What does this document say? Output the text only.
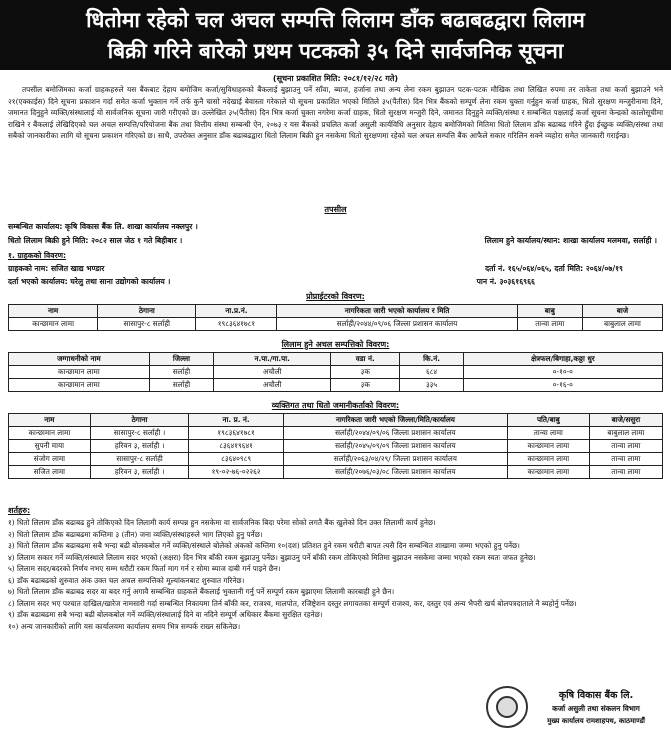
धितोमा रहेको चल अचल सम्पत्ति लिलाम डाँक बढाबढद्वारा लिलाम
बिक्री गरिने बारेको प्रथम पटकको ३५ दिने सार्वजनिक सूचना
(सूचना प्रकाशित मिति: २०८१/१२/२८ गते)

तपसील बमोजिमका कर्जा ग्राहकहरुले यस बैंकबाट देहाय बमोजिम कर्जा/सुविधाहरुको बैंकलाई बुझाउनु पर्ने साँवा, ब्याज, हर्जाना तथा अन्य लेना रकम बुझाउन पटक-पटक मौखिक तथा लिखित रुपमा तर ताकेता तथा कर्जा बुझाउने भने २१(एक्काईस) दिने सूचना प्रकाशन गर्दा समेत कर्जा भुक्तान गर्ने तर्फ कुनै चासो नदेखाई बेवास्ता गरेकाले यो सूचना प्रकाशित भएको मितिले ३५(पैंतीस) दिन भित्र बैंकको सम्पूर्ण लेना रकम चुक्ता गर्नुहुन कर्जा ग्राहक, धितो सुरक्षण मन्जुरीनामा दिने, जमानत दिनुहुने व्यक्ति/संस्थालाई यो सार्वजनिक सूचना जारी गरीएको छ। उल्लेखित ३५(पैंतीस) दिन भित्र कर्जा चुक्ता नगरेमा कर्जा ग्राहक, धितो सुरक्षण मन्जुरी दिने, जमानत दिनुहुने व्यक्ति/संस्था र सम्बन्धित पक्षलाई कर्जा सूचना केन्द्रको कालोसूचीमा राखिने र बैंकलाई लेखिदिएको चल अचल सम्पत्ति/परियोजना बैंक तथा वित्तीय संस्था सम्बन्धी ऐन, २०७३ र यस बैंकको प्रचलित कर्जा असुली कार्यविधि अनुसार देहाय बमोजिमको मितिमा धितो लिलाम डाँक बढाबढ गरिने हुँदा ईच्छुक व्यक्ति/संस्था तथा सबैको जानकारीका लागि यो सूचना प्रकाशन गरिएको छ। साथै, उपरोक्त अनुसार डाँक बढाबढद्वारा धितो लिलाम बिक्री हुन नसकेमा धितो सुरक्षणमा रहेको चल अचल सम्पत्ति बैंक आफैले सकार गरिलिन सक्ने व्यहोरा समेत जानकारी गराईन्छ।

तपसील
सम्बन्धित कार्यालय: कृषि विकास बैंक लि. शाखा कार्यालय नक्लपुर ।
धितो लिलाम बिक्री हुने मिति: २०८२ साल जेठ १ गते बिहीबार ।	लिलाम हुने कार्यालय/स्थान: शाखा कार्यालय मलमवा, सर्लाही ।
१. ग्राहकको विवरण:
ग्राहकको नाम: सजित खाद्य भण्डार	दर्ता नं. १६५/०६४/०६५, दर्ता मिति: २०६४/०७/१९
दर्ता भएको कार्यालय: घरेलु तथा साना उद्योगको कार्यालय ।	पान नं. ३०३६१६९६६
प्रोप्राईटरको विवरण:
नाम	ठेगाना	ना.प्र.नं.	नागरिकता जारी भएको कार्यालय र मिति	बाबु	बाजे
कान्छामान लामा	सासापुर-८ सर्लाही	१९८३६४१७८१	सर्लाही/२०४४/०९/०६ जिल्ला प्रशासन कार्यालय	तान्वा लामा	बाबुलाल लामा
लिलाम हुने अचल सम्पत्तिको विवरण:
जग्गाधनीको नाम	जिल्ला	न.पा./गा.पा.	वडा नं.	कि.नं.	क्षेत्रफल/बिगाहा,कठ्ठा धुर
कान्छामान लामा	सर्लाही	अचौली	३क	६८४	०-१०-०
कान्छामान लामा	सर्लाही	अचौली	३क	३३५	०-१६-०
व्यक्तिगत तथा धितो जमानीकर्ताको विवरण:
नाम	ठेगाना	ना. प्र. नं.	नागरिकता जारी भएको जिल्ला/मिति/कार्यालय	पति/बाबु	बाजे/ससुरा
कान्छामान लामा	सासापुर-८ सर्लाही ।	१९८३६४१७८१	सर्लाही/२०४४/०९/०६ जिल्ला प्रशासन कार्यालय	तान्वा लामा	बाबुलाल लामा
सुपनी माया	हरिवन ३, सर्लाही ।	८३६४१९६४१	सर्लाही/२०४५/०९/०९ जिल्ला प्रशासन कार्यालय	कान्छामान लामा	तान्वा लामा
संजोग लामा	सासापुर-८ सर्लाही	८३६४०९८९	सर्लाही/२०६३/०४/२९/ जिल्ला प्रशासन कार्यालय	कान्छामान लामा	तान्वा लामा
सजित लामा	हरिवन ३, सर्लाही ।	१९-०२-७६-०२२६२	सर्लाही/२०७६/०३/०८ जिल्ला प्रशासन कार्यालय	कान्छामान लामा	तान्वा लामा
शर्तहरु:

१) धितो लिलाम डाँक बढाबढ हुने तोकिएको दिन लिलामी कार्य सम्पन्न हुन नसकेमा वा सार्वजनिक बिदा परेमा सोको लगतै बैंक खुलेको दिन उक्त लिलामी कार्य हुनेछ।

२) धितो लिलाम डाँक बढाबढमा कम्तिमा ३ (तीन) जना व्यक्ति/संस्थाहरुले भाग लिएको हुनु पर्नेछ।

३) धितो लिलाम डाँक बढाबढमा सबै भन्दा बढी बोलकबोल गर्ने व्यक्ति/संस्थाले बोलेको अंकको कम्तिमा १०(दश) प्रतिशत हुने रकम धरौटी बापत त्यसै दिन सम्बन्धित शाखामा जम्मा भएको हुनु पर्नेछ।

४) लिलाम सकार गर्ने व्यक्ति/संस्थाले लिलाम सदर भएको (अक्षरा) दिन भित्र बाँकी रकम बुझाउनु पर्नेछ। बुझाउनु पर्ने बाँकी रकम तोकिएको मितिमा बुझाउन नसकेमा जम्मा भएको रकम स्वतः जफत हुनेछ।

५) लिलाम सदर/बदरको निर्णय नभए सम्म धरौटी रकम फिर्ता माग गर्न र सोमा ब्याज दाबी गर्न पाइने छैन।

६) डाँक बढाबढको शुरुवात अंक उक्त चल अचल सम्पत्तिको मूल्यांकनबाट शुरुवात गरिनेछ।

७) धितो लिलाम डाँक बढाबढ सदर वा बदर गर्नु अगावै सम्बन्धित ग्राहकले बैंकलाई भुक्तानी गर्नु पर्ने सम्पूर्ण रकम बुझाएमा लिलामी कारबाही हुने छैन।

८) लिलाम सदर भए पश्चात दाखिल/खारेज नामसारी गर्दा सम्बन्धित निकायमा तिर्न बाँकी कर, राजश्व, मालपोत, रजिष्ट्रेशन दस्तुर लगायतका सम्पूर्ण राजश्व, कर, दस्तुर एवं अन्य भैपरी खर्च बोलपत्रदाताले नै ब्यहोर्नु पर्नेछ।

९) डाँक बढाबढमा सबै भन्दा बढी बोलकबोल गर्ने व्यक्ति/संस्थालाई दिने वा नदिने सम्पूर्ण अधिकार बैंकमा सुरक्षित रहनेछ।

१०) अन्य जानकारीको लागि यस कार्यालयमा कार्यालय समय भित्र सम्पर्क राख्न सकिनेछ।

कृषि विकास बैंक लि.
कर्जा असुली तथा संकलन विभाग
मुख्य कार्यालय रामशाहपथ, काठमाण्डौं
